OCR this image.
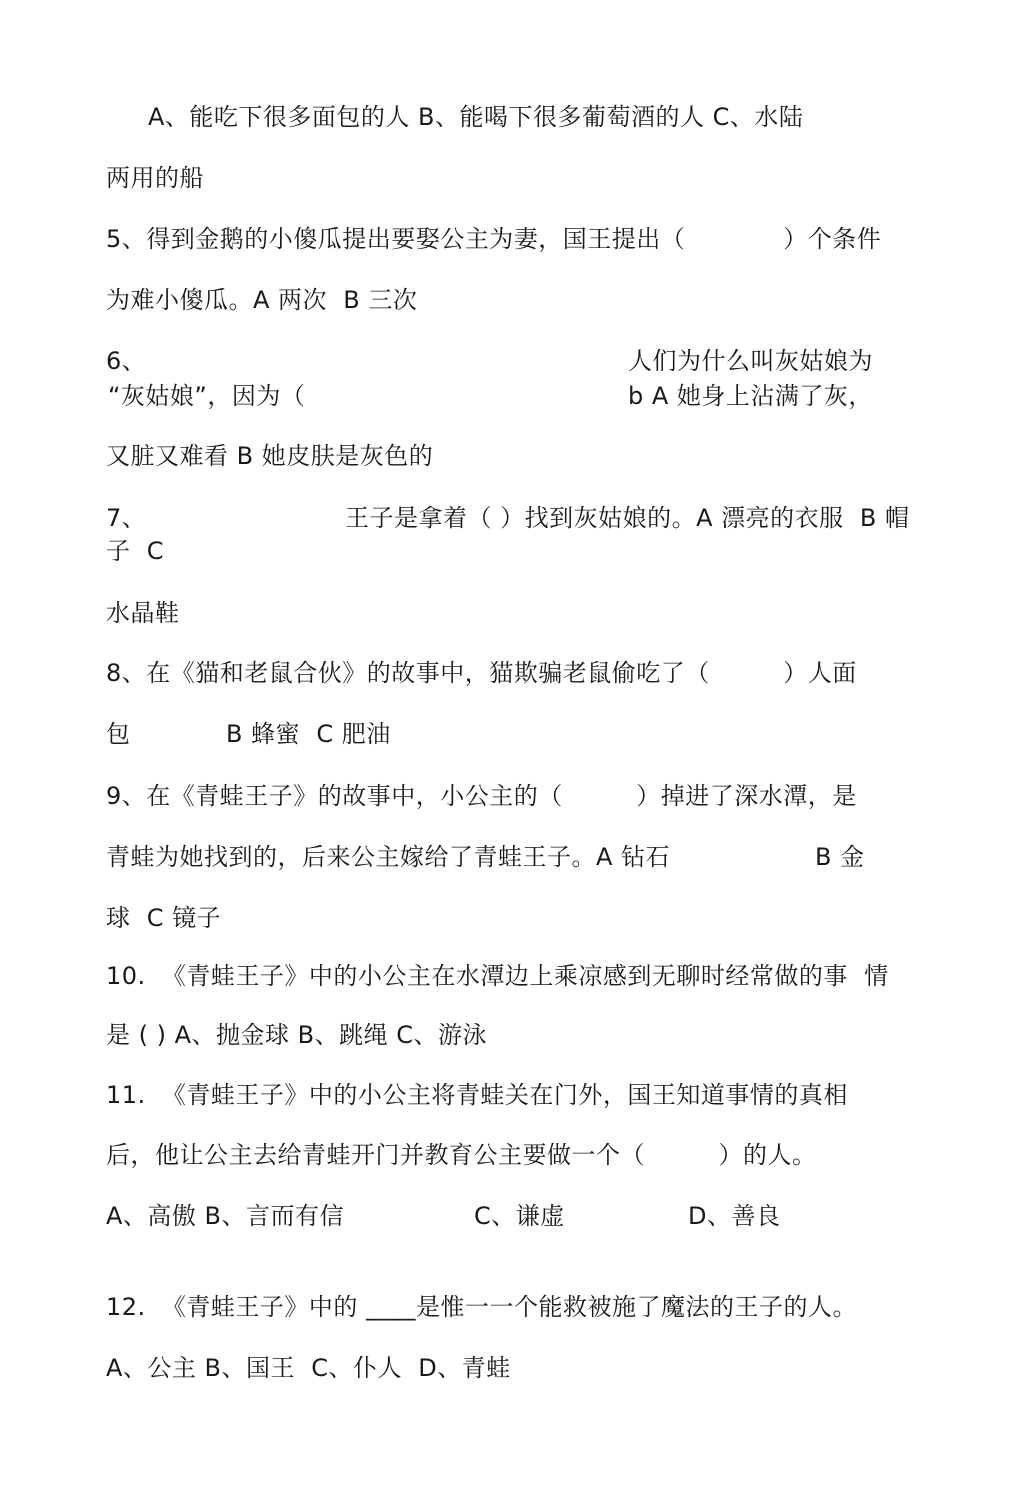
A、能吃下很多面包的人 B、能喝下很多葡萄酒的人 C、水陆
两用的船
5、得到金鹅的小傻瓜提出要娶公主为妻，国王提出（　　　　）个条件
为难小傻瓜。A 两次  B 三次
6、	人们为什么叫灰姑娘为
“灰姑娘”，因为（	b A 她身上沾满了灰，
又脏又难看 B 她皮肤是灰色的
7、	王子是拿着（ ）找到灰姑娘的。A 漂亮的衣服  B 帽
子  C
水晶鞋
8、在《猫和老鼠合伙》的故事中，猫欺骗老鼠偷吃了（　　　）人面
包	B 蜂蜜  C 肥油
9、在《青蛙王子》的故事中，小公主的（　　　）掉进了深水潭，是
青蛙为她找到的，后来公主嫁给了青蛙王子。A 钻石	B 金
球  C 镜子
10.  《青蛙王子》中的小公主在水潭边上乘凉感到无聊时经常做的事  情
是 ( ) A、抛金球 B、跳绳 C、游泳
11.  《青蛙王子》中的小公主将青蛙关在门外，国王知道事情的真相
后，他让公主去给青蛙开门并教育公主要做一个（　　　）的人。
A、高傲 B、言而有信	C、谦虚	D、善良
12.  《青蛙王子》中的 ____是惟一一个能救被施了魔法的王子的人。
A、公主 B、国王  C、仆人  D、青蛙
